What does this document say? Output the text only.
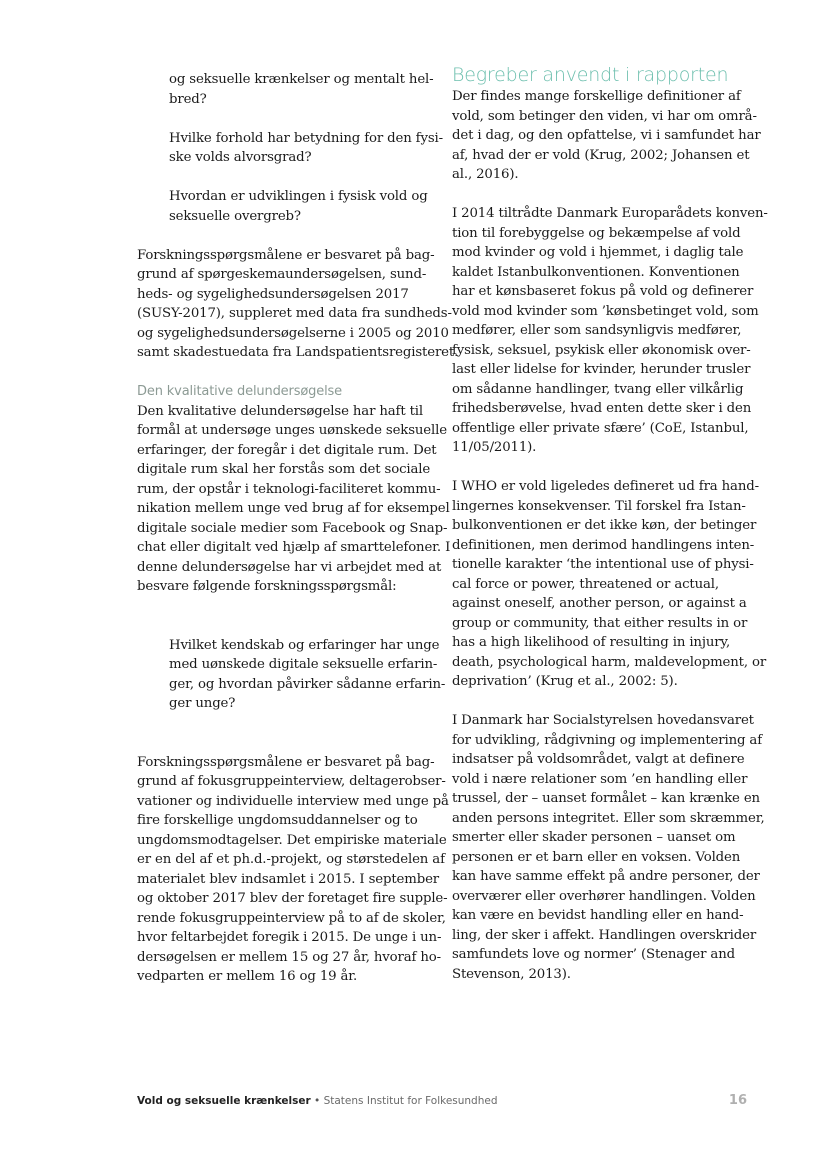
og seksuelle krænkelser og mentalt hel-
bred?
Hvilke forhold har betydning for den fysi-
ske volds alvorsgrad?
Hvordan er udviklingen i fysisk vold og
seksuelle overgreb?
Forskningsspørgsmålene er besvaret på bag-
grund af spørgeskemaundersøgelsen, sund-
heds- og sygelighedsundersøgelsen 2017
(SUSY-2017), suppleret med data fra sundheds-
og sygelighedsundersøgelserne i 2005 og 2010
samt skadestuedata fra Landspatientsregisteret.
Den kvalitative delundersøgelse
Den kvalitative delundersøgelse har haft til
formål at undersøge unges uønskede seksuelle
erfaringer, der foregår i det digitale rum. Det
digitale rum skal her forstås som det sociale
rum, der opstår i teknologi-faciliteret kommu-
nikation mellem unge ved brug af for eksempel
digitale sociale medier som Facebook og Snap-
chat eller digitalt ved hjælp af smarttelefoner. I
denne delundersøgelse har vi arbejdet med at
besvare følgende forskningsspørgsmål:
Hvilket kendskab og erfaringer har unge
med uønskede digitale seksuelle erfarin-
ger, og hvordan påvirker sådanne erfarin-
ger unge?
Forskningsspørgsmålene er besvaret på bag-
grund af fokusgruppeinterview, deltagerobser-
vationer og individuelle interview med unge på
fire forskellige ungdomsuddannelser og to
ungdomsmodtagelser. Det empiriske materiale
er en del af et ph.d.-projekt, og størstedelen af
materialet blev indsamlet i 2015. I september
og oktober 2017 blev der foretaget fire supple-
rende fokusgruppeinterview på to af de skoler,
hvor feltarbejdet foregik i 2015. De unge i un-
dersøgelsen er mellem 15 og 27 år, hvoraf ho-
vedparten er mellem 16 og 19 år.
Begreber anvendt i rapporten
Der findes mange forskellige definitioner af
vold, som betinger den viden, vi har om områ-
det i dag, og den opfattelse, vi i samfundet har
af, hvad der er vold (Krug, 2002; Johansen et
al., 2016).
I 2014 tiltrådte Danmark Europarådets konven-
tion til forebyggelse og bekæmpelse af vold
mod kvinder og vold i hjemmet, i daglig tale
kaldet Istanbulkonventionen. Konventionen
har et kønsbaseret fokus på vold og definerer
vold mod kvinder som ’kønsbetinget vold, som
medfører, eller som sandsynligvis medfører,
fysisk, seksuel, psykisk eller økonomisk over-
last eller lidelse for kvinder, herunder trusler
om sådanne handlinger, tvang eller vilkårlig
frihedsberøvelse, hvad enten dette sker i den
offentlige eller private sfære’ (CoE, Istanbul,
11/05/2011).
I WHO er vold ligeledes defineret ud fra hand-
lingernes konsekvenser. Til forskel fra Istan-
bulkonventionen er det ikke køn, der betinger
definitionen, men derimod handlingens inten-
tionelle karakter ‘the intentional use of physi-
cal force or power, threatened or actual,
against oneself, another person, or against a
group or community, that either results in or
has a high likelihood of resulting in injury,
death, psychological harm, maldevelopment, or
deprivation’ (Krug et al., 2002: 5).
I Danmark har Socialstyrelsen hovedansvaret
for udvikling, rådgivning og implementering af
indsatser på voldsområdet, valgt at definere
vold i nære relationer som ’en handling eller
trussel, der – uanset formålet – kan krænke en
anden persons integritet. Eller som skræmmer,
smerter eller skader personen – uanset om
personen er et barn eller en voksen. Volden
kan have samme effekt på andre personer, der
overværer eller overhører handlingen. Volden
kan være en bevidst handling eller en hand-
ling, der sker i affekt. Handlingen overskrider
samfundets love og normer’ (Stenager and
Stevenson, 2013).
Vold og seksuelle krænkelser • Statens Institut for Folkesundhed	16
